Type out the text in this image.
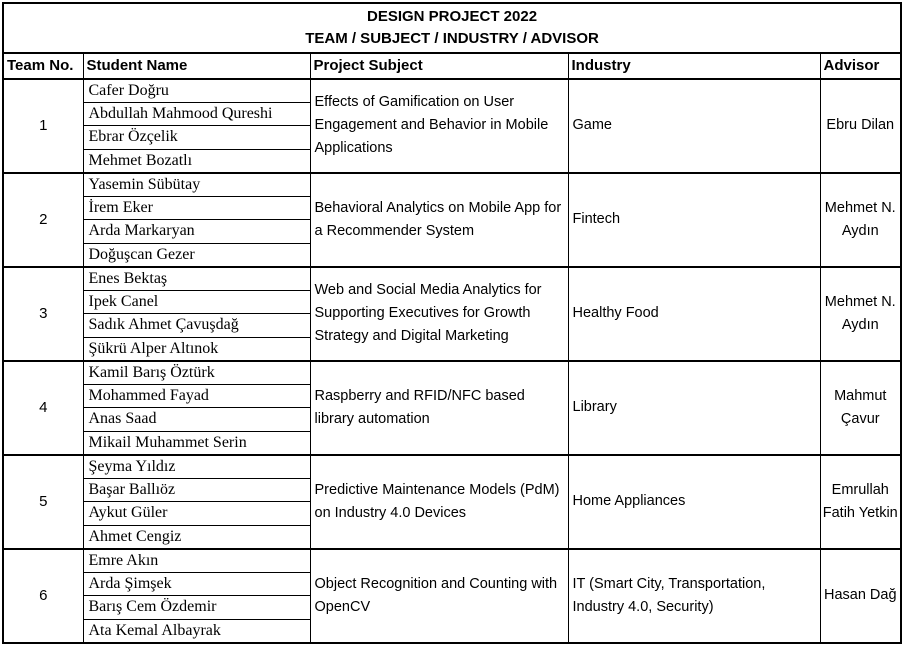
DESIGN PROJECT 2022
TEAM / SUBJECT / INDUSTRY / ADVISOR				

Team No.	Student Name	Project Subject	Industry	Advisor
1	Cafer Doğru	Effects of Gamification on User Engagement and Behavior in Mobile Applications	Game	Ebru Dilan
	Abdullah Mahmood Qureshi			
	Ebrar Özçelik			
	Mehmet Bozatlı			
2	Yasemin Sübütay	Behavioral Analytics on Mobile App for a Recommender System	Fintech	Mehmet N. Aydın
	İrem Eker			
	Arda Markaryan			
	Doğuşcan Gezer			
3	Enes Bektaş	Web and Social Media Analytics for Supporting Executives for Growth Strategy and Digital Marketing	Healthy Food	Mehmet N. Aydın
	Ipek Canel			
	Sadık Ahmet Çavuşdağ			
	Şükrü Alper Altınok			
4	Kamil Barış Öztürk	Raspberry and RFID/NFC based library automation	Library	Mahmut Çavur
	Mohammed Fayad			
	Anas Saad			
	Mikail Muhammet Serin			
5	Şeyma Yıldız	Predictive Maintenance Models (PdM) on Industry 4.0 Devices	Home Appliances	Emrullah Fatih Yetkin
	Başar Ballıöz			
	Aykut Güler			
	Ahmet Cengiz			
6	Emre Akın	Object Recognition and Counting with OpenCV	IT (Smart City, Transportation, Industry 4.0, Security)	Hasan Dağ
	Arda Şimşek			
	Barış Cem Özdemir			
	Ata Kemal Albayrak			
